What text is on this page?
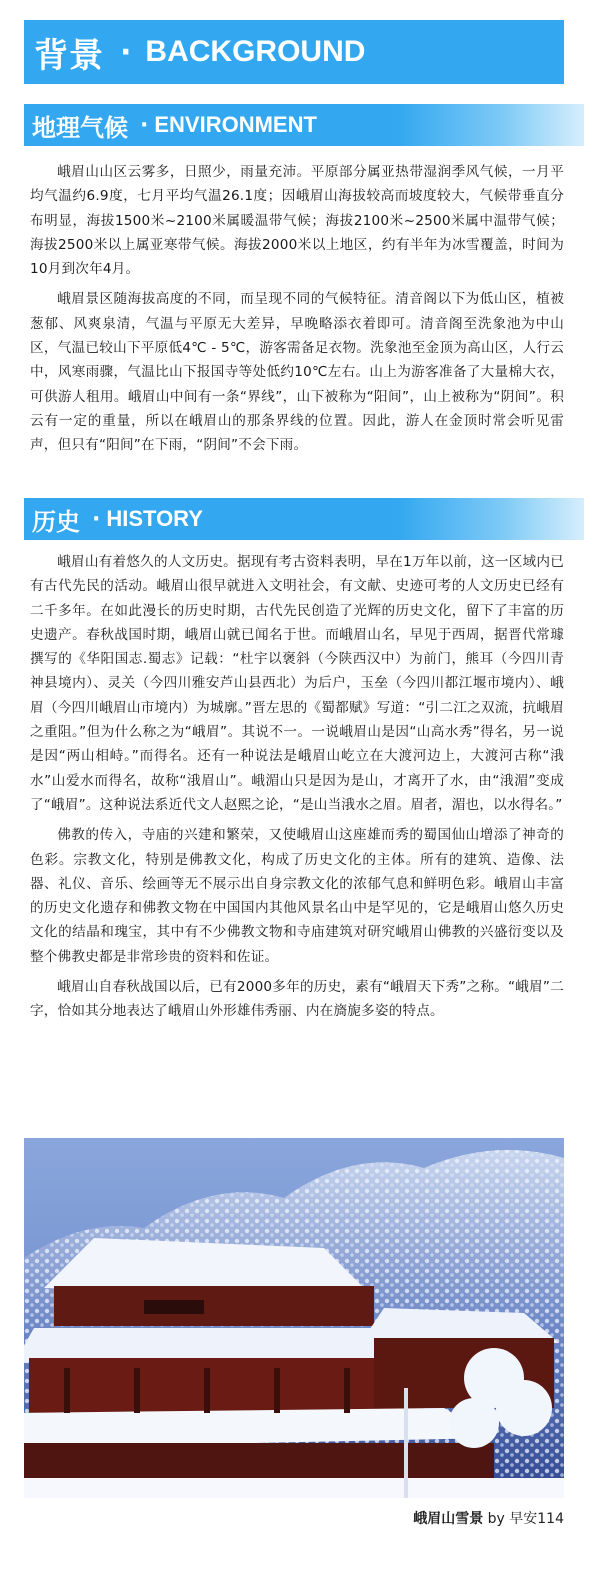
背景 · BACKGROUND
地理气候 · ENVIRONMENT

峨眉山山区云雾多，日照少，雨量充沛。平原部分属亚热带湿润季风气候，一月平均气温约6.9度，七月平均气温26.1度；因峨眉山海拔较高而坡度较大，气候带垂直分布明显，海拔1500米~2100米属暖温带气候；海拔2100米~2500米属中温带气候；海拔2500米以上属亚寒带气候。海拔2000米以上地区，约有半年为冰雪覆盖，时间为10月到次年4月。

峨眉景区随海拔高度的不同，而呈现不同的气候特征。清音阁以下为低山区，植被葱郁、风爽泉清，气温与平原无大差异，早晚略添衣着即可。清音阁至洗象池为中山区，气温已较山下平原低4℃ - 5℃，游客需备足衣物。洗象池至金顶为高山区，人行云中，风寒雨骤，气温比山下报国寺等处低约10℃左右。山上为游客准备了大量棉大衣，可供游人租用。峨眉山中间有一条“界线”，山下被称为“阳间”，山上被称为“阴间”。积云有一定的重量，所以在峨眉山的那条界线的位置。因此，游人在金顶时常会听见雷声，但只有“阳间”在下雨，“阴间”不会下雨。

历史 · HISTORY

峨眉山有着悠久的人文历史。据现有考古资料表明，早在1万年以前，这一区域内已有古代先民的活动。峨眉山很早就进入文明社会，有文献、史迹可考的人文历史已经有二千多年。在如此漫长的历史时期，古代先民创造了光辉的历史文化，留下了丰富的历史遗产。春秋战国时期，峨眉山就已闻名于世。而峨眉山名，早见于西周，据晋代常璩撰写的《华阳国志.蜀志》记载：“杜宇以褒斜（今陕西汉中）为前门，熊耳（今四川青神县境内）、灵关（今四川雅安芦山县西北）为后户，玉垒（今四川都江堰市境内）、峨眉（今四川峨眉山市境内）为城廓。”晋左思的《蜀都赋》写道：“引二江之双流，抗峨眉之重阻。”但为什么称之为“峨眉”。其说不一。一说峨眉山是因“山高水秀”得名，另一说是因“两山相峙。”而得名。还有一种说法是峨眉山屹立在大渡河边上，大渡河古称“涐水”山爱水而得名，故称“涐眉山”。峨湄山只是因为是山，才离开了水，由“涐湄”变成了“峨眉”。这种说法系近代文人赵熙之论，“是山当涐水之眉。眉者，湄也，以水得名。”

佛教的传入，寺庙的兴建和繁荣，又使峨眉山这座雄而秀的蜀国仙山增添了神奇的色彩。宗教文化，特别是佛教文化，构成了历史文化的主体。所有的建筑、造像、法器、礼仪、音乐、绘画等无不展示出自身宗教文化的浓郁气息和鲜明色彩。峨眉山丰富的历史文化遗存和佛教文物在中国国内其他风景名山中是罕见的，它是峨眉山悠久历史文化的结晶和瑰宝，其中有不少佛教文物和寺庙建筑对研究峨眉山佛教的兴盛衍变以及整个佛教史都是非常珍贵的资料和佐证。

峨眉山自春秋战国以后，已有2000多年的历史，素有“峨眉天下秀”之称。“峨眉”二字，恰如其分地表达了峨眉山外形雄伟秀丽、内在旖旎多姿的特点。

峨眉山雪景 by 早安114
